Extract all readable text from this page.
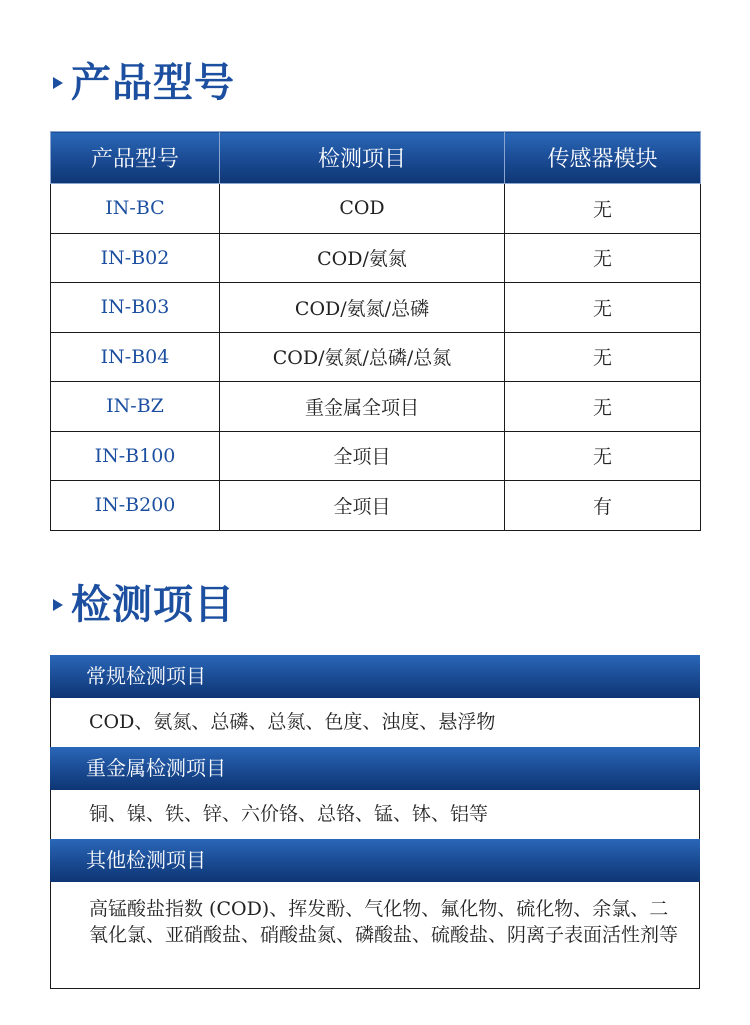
产品型号
产品型号	检测项目	传感器模块
IN-BC	COD	无
IN-B02	COD/氨氮	无
IN-B03	COD/氨氮/总磷	无
IN-B04	COD/氨氮/总磷/总氮	无
IN-BZ	重金属全项目	无
IN-B100	全项目	无
IN-B200	全项目	有
检测项目
常规检测项目
COD、氨氮、总磷、总氮、色度、浊度、悬浮物
重金属检测项目
铜、镍、铁、锌、六价铬、总铬、锰、钵、铝等
其他检测项目
高锰酸盐指数 (COD)、挥发酚、气化物、氟化物、硫化物、余氯、二氧化氯、亚硝酸盐、硝酸盐氮、磷酸盐、硫酸盐、阴离子表面活性剂等
